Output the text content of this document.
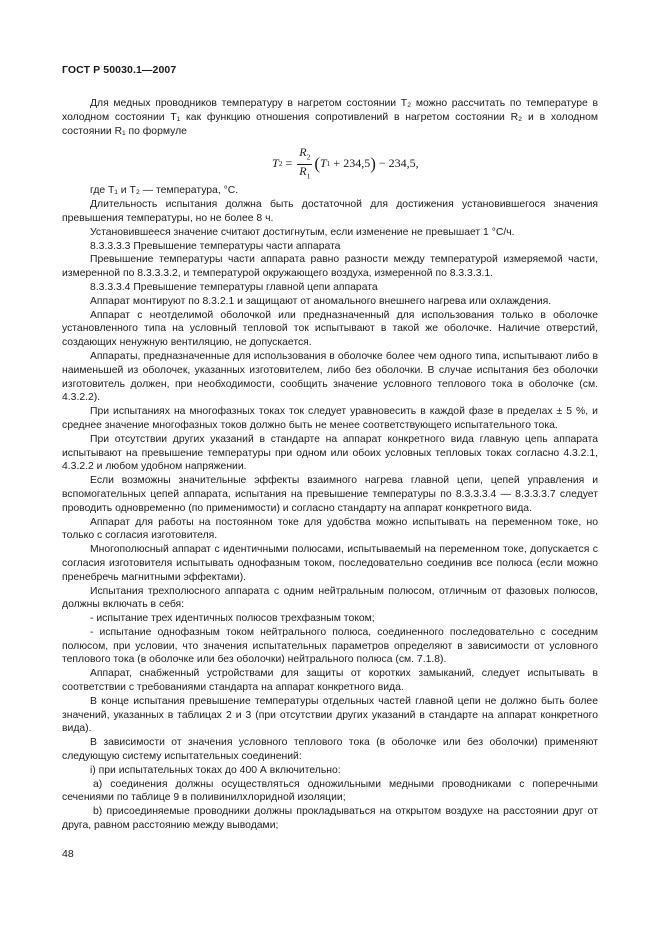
ГОСТ Р 50030.1—2007

Для медных проводников температуру в нагретом состоянии T₂ можно рассчитать по температуре в холодном состоянии T₁ как функцию отношения сопротивлений в нагретом состоянии R₂ и в холодном состоянии R₁ по формуле

T $2 = \frac{R_2}{R_1}$ ( T 1 + 234,5 ) − 234,5,

где T₁ и T₂ — температура, °С.

Длительность испытания должна быть достаточной для достижения установившегося значения превышения температуры, но не более 8 ч.

Установившееся значение считают достигнутым, если изменение не превышает 1 °С/ч.

8.3.3.3.3 Превышение температуры части аппарата

Превышение температуры части аппарата равно разности между температурой измеряемой части, измеренной по 8.3.3.3.2, и температурой окружающего воздуха, измеренной по 8.3.3.3.1.

8.3.3.3.4 Превышение температуры главной цепи аппарата

Аппарат монтируют по 8.3.2.1 и защищают от аномального внешнего нагрева или охлаждения.

Аппарат с неотделимой оболочкой или предназначенный для использования только в оболочке установленного типа на условный тепловой ток испытывают в такой же оболочке. Наличие отверстий, создающих ненужную вентиляцию, не допускается.

Аппараты, предназначенные для использования в оболочке более чем одного типа, испытывают либо в наименьшей из оболочек, указанных изготовителем, либо без оболочки. В случае испытания без оболочки изготовитель должен, при необходимости, сообщить значение условного теплового тока в оболочке (см. 4.3.2.2).

При испытаниях на многофазных токах ток следует уравновесить в каждой фазе в пределах ± 5 %, и среднее значение многофазных токов должно быть не менее соответствующего испытательного тока.

При отсутствии других указаний в стандарте на аппарат конкретного вида главную цепь аппарата испытывают на превышение температуры при одном или обоих условных тепловых токах согласно 4.3.2.1, 4.3.2.2 и любом удобном напряжении.

Если возможны значительные эффекты взаимного нагрева главной цепи, цепей управления и вспомогательных цепей аппарата, испытания на превышение температуры по 8.3.3.3.4 — 8.3.3.3.7 следует проводить одновременно (по применимости) и согласно стандарту на аппарат конкретного вида.

Аппарат для работы на постоянном токе для удобства можно испытывать на переменном токе, но только с согласия изготовителя.

Многополюсный аппарат с идентичными полюсами, испытываемый на переменном токе, допускается с согласия изготовителя испытывать однофазным током, последовательно соединив все полюса (если можно пренебречь магнитными эффектами).

Испытания трехполюсного аппарата с одним нейтральным полюсом, отличным от фазовых полюсов, должны включать в себя:

- испытание трех идентичных полюсов трехфазным током;

- испытание однофазным током нейтрального полюса, соединенного последовательно с соседним полюсом, при условии, что значения испытательных параметров определяют в зависимости от условного теплового тока (в оболочке или без оболочки) нейтрального полюса (см. 7.1.8).

Аппарат, снабженный устройствами для защиты от коротких замыканий, следует испытывать в соответствии с требованиями стандарта на аппарат конкретного вида.

В конце испытания превышение температуры отдельных частей главной цепи не должно быть более значений, указанных в таблицах 2 и 3 (при отсутствии других указаний в стандарте на аппарат конкретного вида).

В зависимости от значения условного теплового тока (в оболочке или без оболочки) применяют следующую систему испытательных соединений:

i) при испытательных токах до 400 А включительно:

a) соединения должны осуществляться одножильными медными проводниками с поперечными сечениями по таблице 9 в поливинилхлоридной изоляции;

b) присоединяемые проводники должны прокладываться на открытом воздухе на расстоянии друг от друга, равном расстоянию между выводами;

48
